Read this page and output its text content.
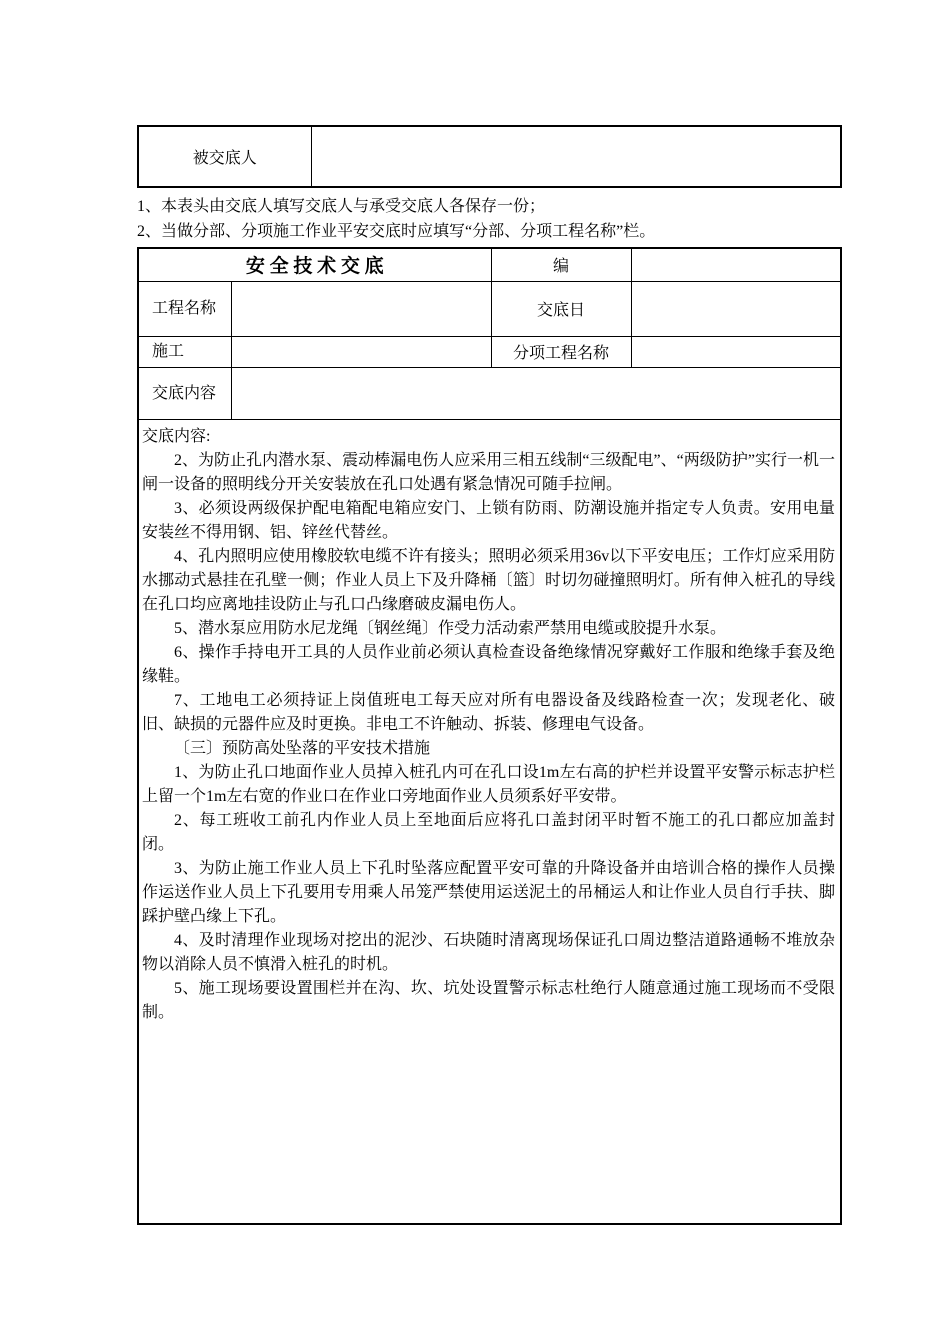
被交底人	

1、本表头由交底人填写交底人与承受交底人各保存一份；

2、当做分部、分项施工作业平安交底时应填写“分部、分项工程名称”栏。

安 全 技 术 交 底		编	
工程名称		交底日	
施工		分项工程名称	
交底内容			

交底内容:

2、为防止孔内潜水泵、震动棒漏电伤人应采用三相五线制“三级配电”、“两级防护”实行一机一闸一设备的照明线分开关安装放在孔口处遇有紧急情况可随手拉闸。

3、必须设两级保护配电箱配电箱应安门、上锁有防雨、防潮设施并指定专人负责。安用电量安装丝不得用钢、铝、锌丝代替丝。

4、孔内照明应使用橡胶软电缆不许有接头；照明必须采用36v以下平安电压；工作灯应采用防水挪动式悬挂在孔壁一侧；作业人员上下及升降桶〔篮〕时切勿碰撞照明灯。所有伸入桩孔的导线在孔口均应离地挂设防止与孔口凸缘磨破皮漏电伤人。

5、潜水泵应用防水尼龙绳〔钢丝绳〕作受力活动索严禁用电缆或胶提升水泵。

6、操作手持电开工具的人员作业前必须认真检查设备绝缘情况穿戴好工作服和绝缘手套及绝缘鞋。

7、工地电工必须持证上岗值班电工每天应对所有电器设备及线路检查一次；发现老化、破旧、缺损的元器件应及时更换。非电工不许触动、拆装、修理电气设备。

〔三〕预防高处坠落的平安技术措施

1、为防止孔口地面作业人员掉入桩孔内可在孔口设1m左右高的护栏并设置平安警示标志护栏上留一个1m左右宽的作业口在作业口旁地面作业人员须系好平安带。

2、每工班收工前孔内作业人员上至地面后应将孔口盖封闭平时暂不施工的孔口都应加盖封闭。

3、为防止施工作业人员上下孔时坠落应配置平安可靠的升降设备并由培训合格的操作人员操作运送作业人员上下孔要用专用乘人吊笼严禁使用运送泥土的吊桶运人和让作业人员自行手扶、脚踩护壁凸缘上下孔。

4、及时清理作业现场对挖出的泥沙、石块随时清离现场保证孔口周边整洁道路通畅不堆放杂物以消除人员不慎滑入桩孔的时机。

5、施工现场要设置围栏并在沟、坎、坑处设置警示标志杜绝行人随意通过施工现场而不受限制。
